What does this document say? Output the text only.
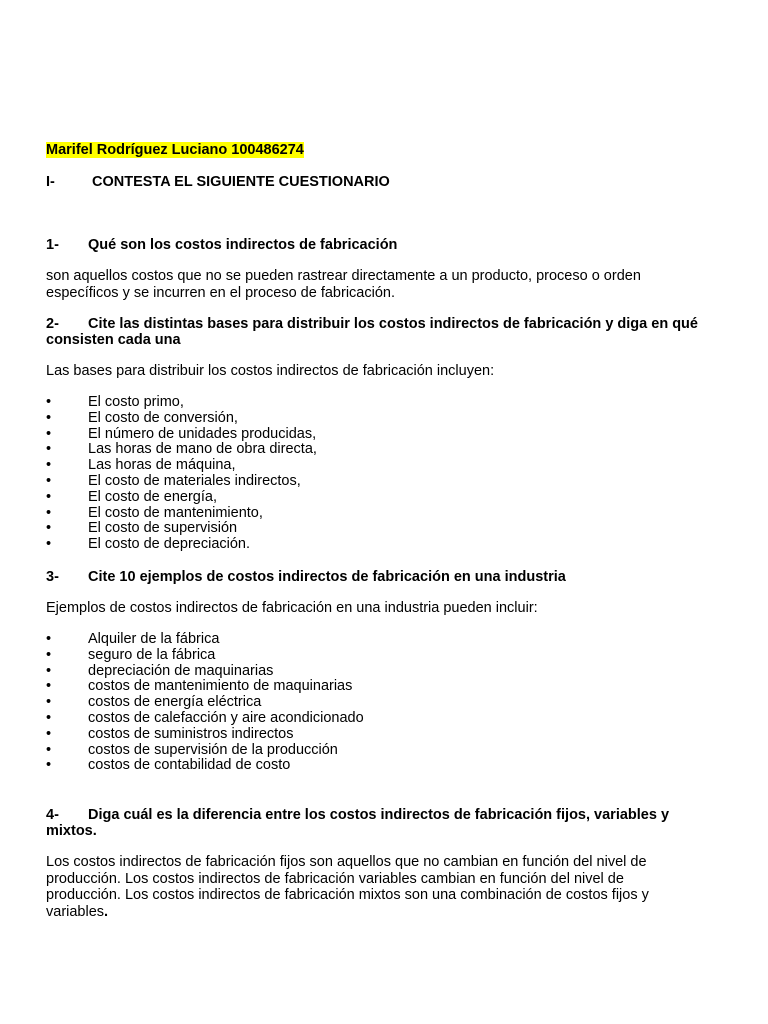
Marifel Rodríguez Luciano 100486274
I-	CONTESTA EL SIGUIENTE CUESTIONARIO
1- Qué son los costos indirectos de fabricación
son aquellos costos que no se pueden rastrear directamente a un producto, proceso o orden específicos y se incurren en el proceso de fabricación.
2- Cite las distintas bases para distribuir los costos indirectos de fabricación y diga en qué consisten cada una
Las bases para distribuir los costos indirectos de fabricación incluyen:
•	El costo primo,
•	El costo de conversión,
•	El número de unidades producidas,
•	Las horas de mano de obra directa,
•	Las horas de máquina,
•	El costo de materiales indirectos,
•	El costo de energía,
•	El costo de mantenimiento,
•	El costo de supervisión
•	El costo de depreciación.
3- Cite 10 ejemplos de costos indirectos de fabricación en una industria
Ejemplos de costos indirectos de fabricación en una industria pueden incluir:
•	Alquiler de la fábrica
•	seguro de la fábrica
•	depreciación de maquinarias
•	costos de mantenimiento de maquinarias
•	costos de energía eléctrica
•	costos de calefacción y aire acondicionado
•	costos de suministros indirectos
•	costos de supervisión de la producción
•	costos de contabilidad de costo
4- Diga cuál es la diferencia entre los costos indirectos de fabricación fijos, variables y mixtos.
Los costos indirectos de fabricación fijos son aquellos que no cambian en función del nivel de producción. Los costos indirectos de fabricación variables cambian en función del nivel de producción. Los costos indirectos de fabricación mixtos son una combinación de costos fijos y variables.
